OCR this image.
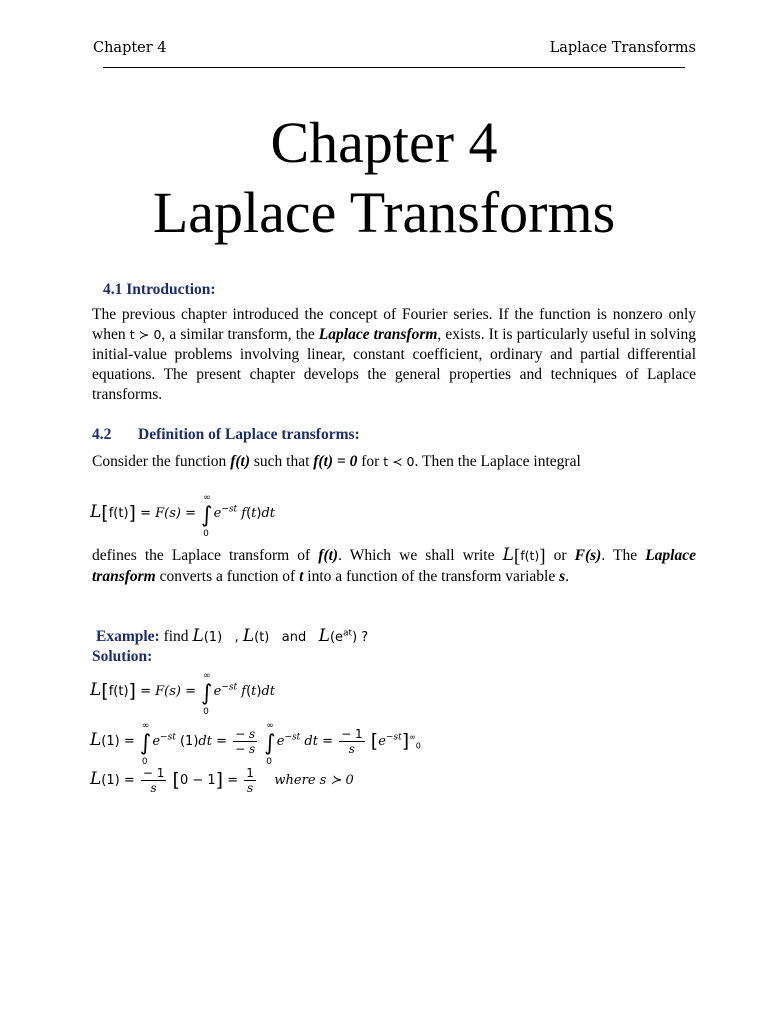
Chapter 4	Laplace Transforms
Chapter 4
Laplace Transforms
4.1 Introduction:
The previous chapter introduced the concept of Fourier series. If the function is nonzero only when t ≻ 0, a similar transform, the Laplace transform, exists. It is particularly useful in solving initial-value problems involving linear, constant coefficient, ordinary and partial differential equations. The present chapter develops the general properties and techniques of Laplace transforms.
4.2 Definition of Laplace transforms:
Consider the function f(t) such that f(t) = 0 for t ≺ 0. Then the Laplace integral
L[f(t)] = F(s) = ∫
∞
0
$e^{-st}$ f(t)dt
defines the Laplace transform of f(t). Which we shall write L[f(t)] or F(s). The Laplace transform converts a function of t into a function of the transform variable s.
Example: find L(1)   , L(t) and $L(e^{at})$ ?
Solution:
L[f(t)] = F(s) = ∫
∞
0
$e^{-st}$ f(t)dt
L(1) = ∫
∞
0
$e^{-st}$ $(1)dt = \frac{- s}{- s}$ ∫
∞
0
$e^{-st}$ dt = $\frac{- 1}{s} [e^{-st}]^\infty_0$
$L(1) = \frac{- 1}{s} [0 - 1] = \frac{1}{s}$ where s ≻ 0
